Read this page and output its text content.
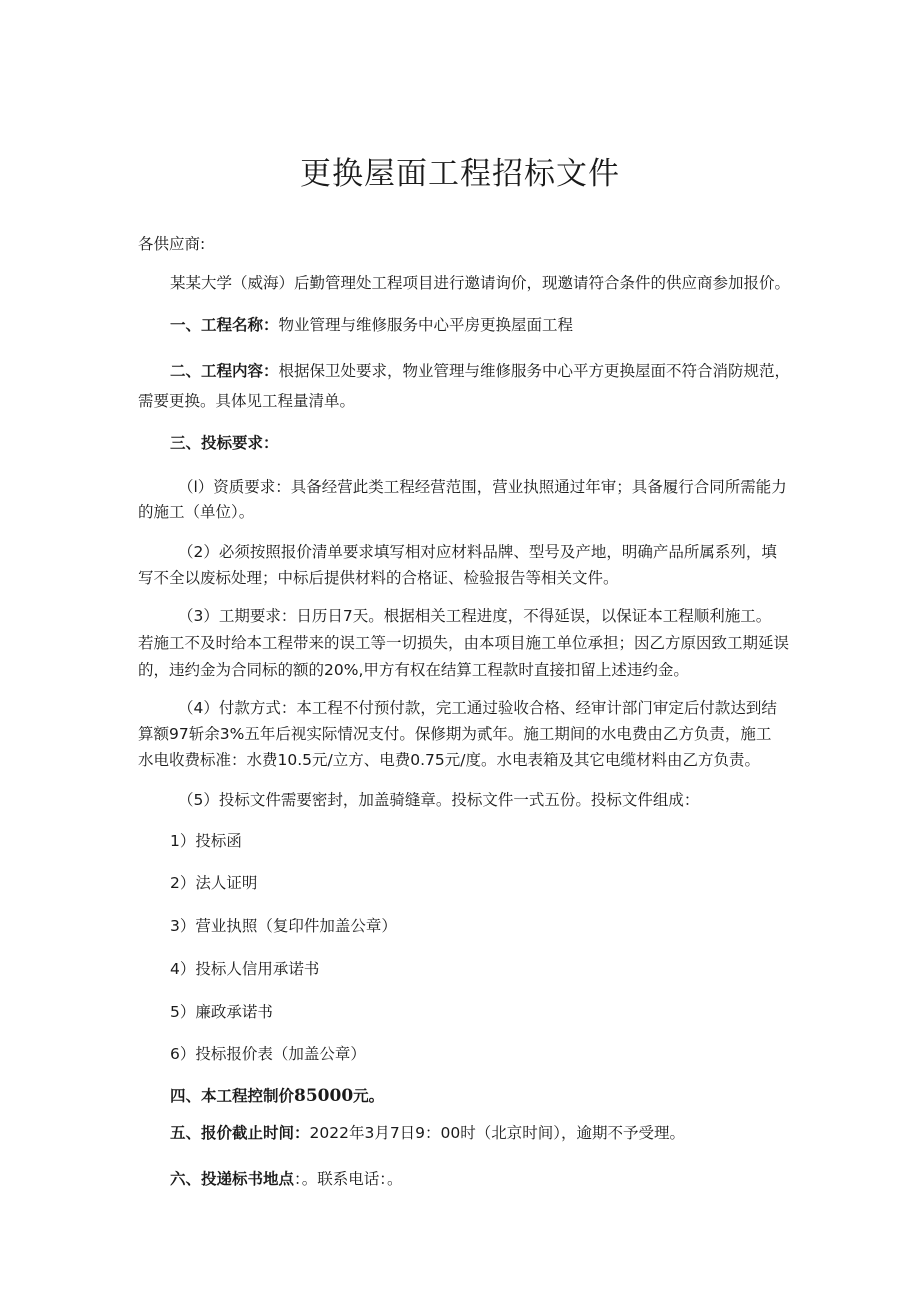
更换屋面工程招标文件

各供应商:

某某大学（威海）后勤管理处工程项目进行邀请询价，现邀请符合条件的供应商参加报价。

一、工程名称：物业管理与维修服务中心平房更换屋面工程

二、工程内容：根据保卫处要求，物业管理与维修服务中心平方更换屋面不符合消防规范，

需要更换。具体见工程量清单。

三、投标要求：

（l）资质要求：具备经营此类工程经营范围，营业执照通过年审；具备履行合同所需能力

的施工（单位）。

（2）必须按照报价清单要求填写相对应材料品牌、型号及产地，明确产品所属系列，填

写不全以废标处理；中标后提供材料的合格证、检验报告等相关文件。

（3）工期要求：日历日7天。根据相关工程进度，不得延误，以保证本工程顺利施工。

若施工不及时给本工程带来的误工等一切损失，由本项目施工单位承担；因乙方原因致工期延误

的，违约金为合同标的额的20%,甲方有权在结算工程款时直接扣留上述违约金。

（4）付款方式：本工程不付预付款，完工通过验收合格、经审计部门审定后付款达到结

算额97斩余3%五年后视实际情况支付。保修期为贰年。施工期间的水电费由乙方负责，施工

水电收费标准：水费10.5元/立方、电费0.75元/度。水电表箱及其它电缆材料由乙方负责。

（5）投标文件需要密封，加盖骑缝章。投标文件一式五份。投标文件组成：

1）投标函

2）法人证明

3）营业执照（复印件加盖公章）

4）投标人信用承诺书

5）廉政承诺书

6）投标报价表（加盖公章）

四、本工程控制价85000元。

五、报价截止时间：2022年3月7日9：00时（北京时间），逾期不予受理。

六、投递标书地点：。联系电话：。
